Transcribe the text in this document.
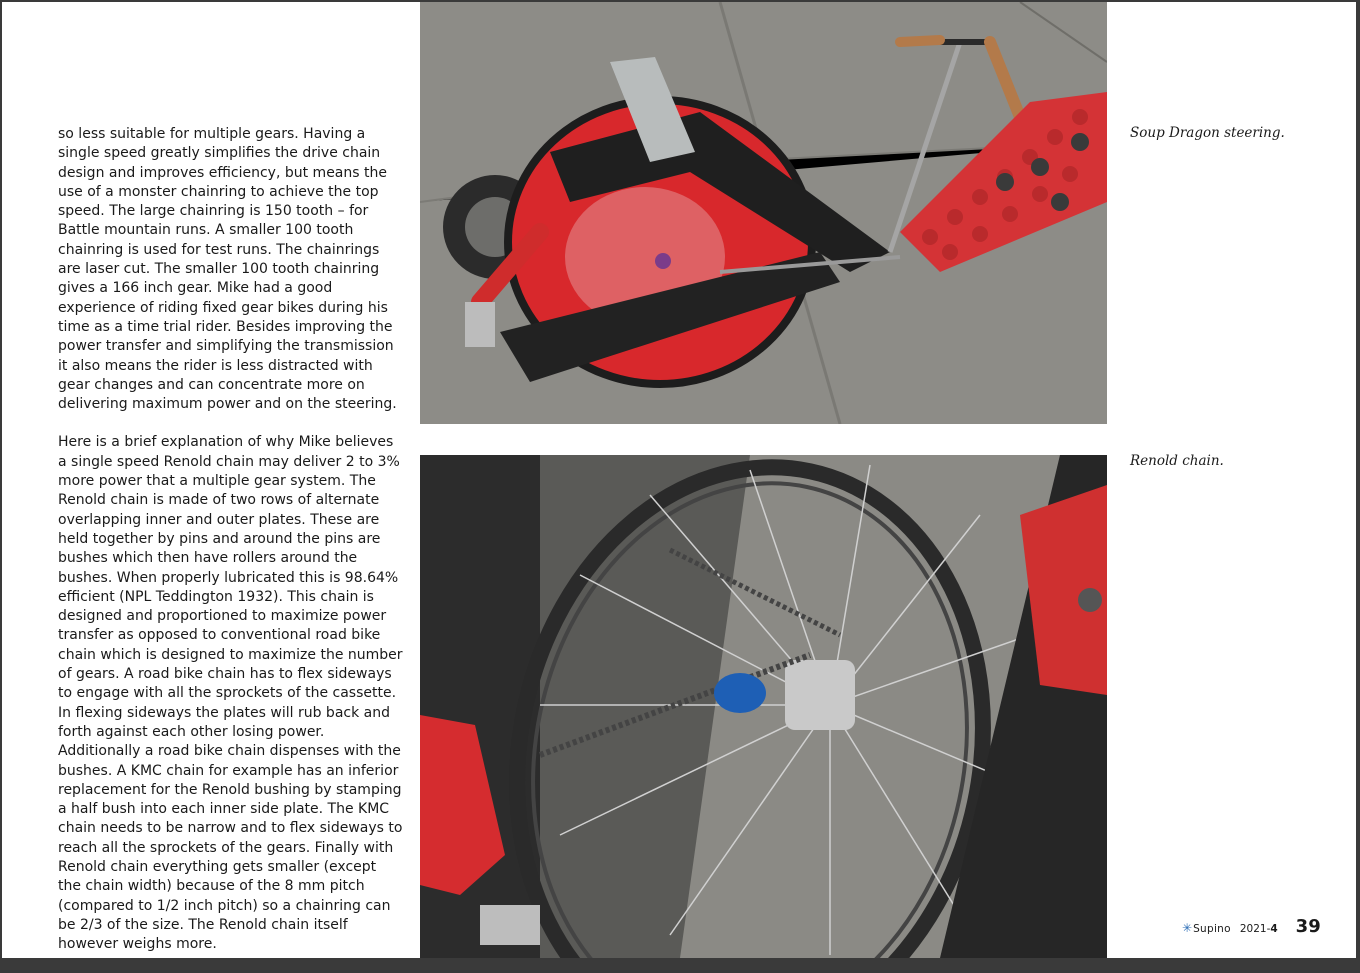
so less suitable for multiple gears. Having a single speed greatly simplifies the drive chain design and improves efficiency, but means the use of a monster chainring to achieve the top speed. The large chainring is 150 tooth – for Battle mountain runs. A smaller 100 tooth chainring is used for test runs. The chainrings are laser cut. The smaller 100 tooth chainring gives a 166 inch gear. Mike had a good experience of riding fixed gear bikes during his time as a time trial rider. Besides improving the power transfer and simplifying the transmission it also means the rider is less distracted with gear changes and can concentrate more on delivering maximum power and on the steering.

Here is a brief explanation of why Mike believes a single speed Renold chain may deliver 2 to 3% more power that a multiple gear system. The Renold chain is made of two rows of alternate overlapping inner and outer plates. These are held together by pins and around the pins are bushes which then have rollers around the bushes. When properly lubricated this is 98.64% efficient (NPL Teddington 1932). This chain is designed and proportioned to maximize power transfer as opposed to conventional road bike chain which is designed to maximize the number of gears. A road bike chain has to flex sideways to engage with all the sprockets of the cassette. In flexing sideways the plates will rub back and forth against each other losing power. Additionally a road bike chain dispenses with the bushes. A KMC chain for example has an inferior replacement for the Renold bushing by stamping a half bush into each inner side plate. The KMC chain needs to be narrow and to flex sideways to reach all the sprockets of the gears. Finally with Renold chain everything gets smaller (except the chain width) because of the 8 mm pitch (compared to 1/2 inch pitch) so a chainring can be 2/3 of the size. The Renold chain itself however weighs more.

Soup Dragon steering.
Renold chain.
✳ Supino 2021-4 39
